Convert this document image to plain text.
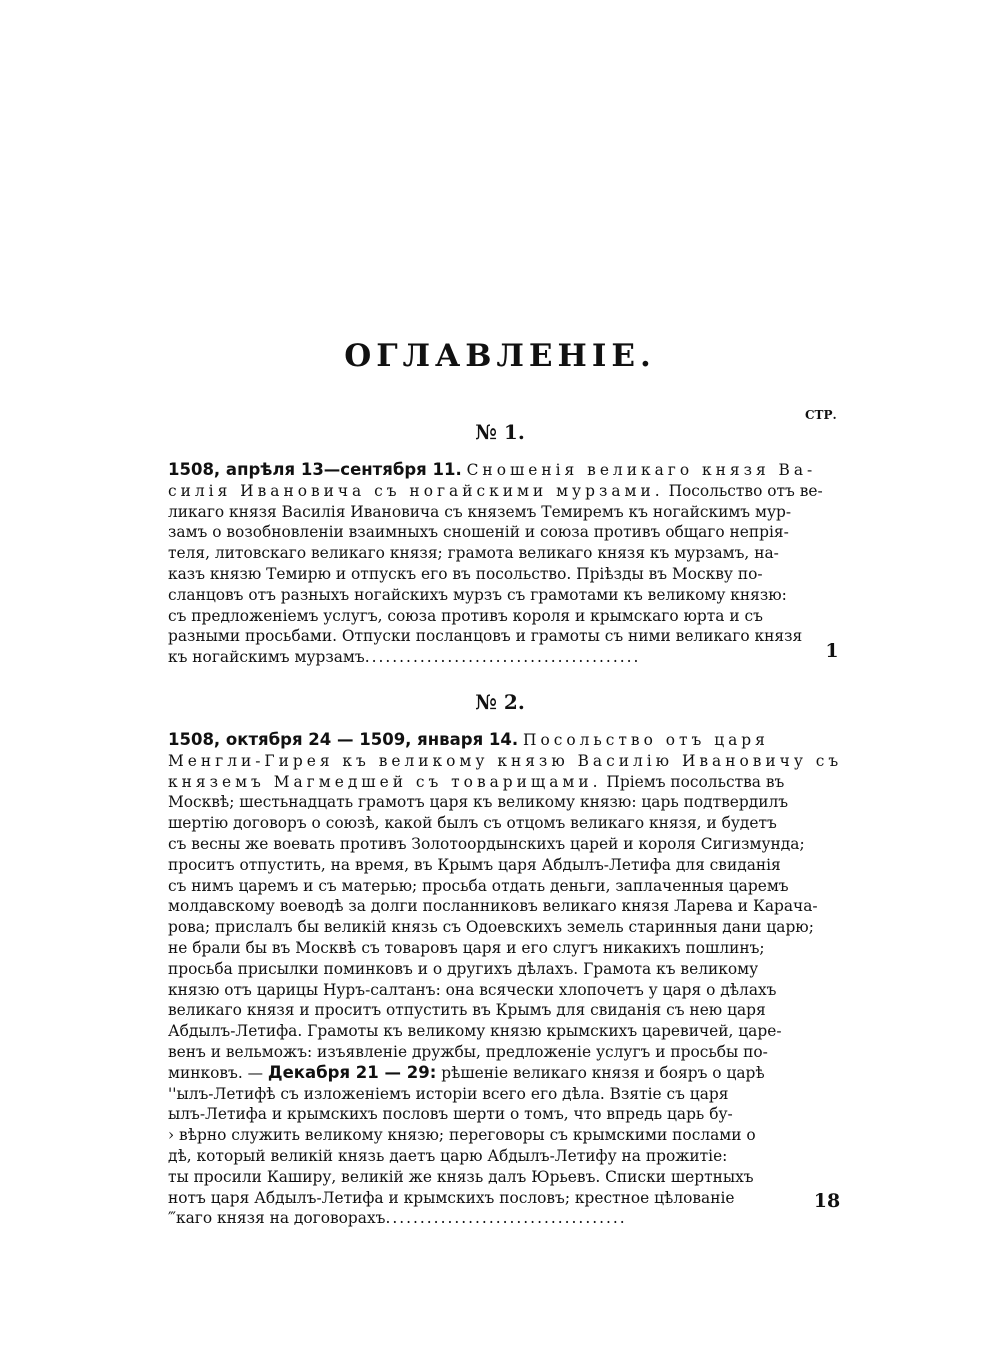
ОГЛАВЛЕНІЕ.
СТР.
№ 1.
1508, апрѣля 13—сентября 11. Сношенія великаго князя Ва-
силія Ивановича съ ногайскими мурзами. Посольство отъ ве-
ликаго князя Василія Ивановича съ княземъ Темиремъ къ ногайскимъ мур-
замъ о возобновленіи взаимныхъ сношеній и союза противъ общаго непрія-
теля, литовскаго великаго князя; грамота великаго князя къ мурзамъ, на-
казъ князю Темирю и отпускъ его въ посольство. Пріѣзды въ Москву по-
сланцовъ отъ разныхъ ногайскихъ мурзъ съ грамотами къ великому князю:
съ предложеніемъ услугъ, союза противъ короля и крымскаго юрта и съ
разными просьбами. Отпуски посланцовъ и грамоты съ ними великаго князя
къ ногайскимъ мурзамъ........................................	1
№ 2.
1508, октября 24 — 1509, января 14. Посольство отъ царя
Менгли-Гирея къ великому князю Василію Ивановичу съ
княземъ Магмедшей съ товарищами. Пріемъ посольства въ
Москвѣ; шестьнадцать грамотъ царя къ великому князю: царь подтвердилъ
шертію договоръ о союзѣ, какой былъ съ отцомъ великаго князя, и будетъ
съ весны же воевать противъ Золотоордынскихъ царей и короля Сигизмунда;
проситъ отпустить, на время, въ Крымъ царя Абдылъ-Летифа для свиданія
съ нимъ царемъ и съ матерью; просьба отдать деньги, заплаченныя царемъ
молдавскому воеводѣ за долги посланниковъ великаго князя Ларева и Карача-
рова; прислалъ бы великій князь съ Одоевскихъ земель старинныя дани царю;
не брали бы въ Москвѣ съ товаровъ царя и его слугъ никакихъ пошлинъ;
просьба присылки поминковъ и о другихъ дѣлахъ. Грамота къ великому
князю отъ царицы Нуръ-салтанъ: она всячески хлопочетъ у царя о дѣлахъ
великаго князя и проситъ отпустить въ Крымъ для свиданія съ нею царя
Абдылъ-Летифа. Грамоты къ великому князю крымскихъ царевичей, царе-
венъ и вельможъ: изъявленіе дружбы, предложеніе услугъ и просьбы по-
минковъ. — Декабря 21 — 29: рѣшеніе великаго князя и бояръ о царѣ
''ылъ-Летифѣ съ изложеніемъ исторіи всего его дѣла. Взятіе съ царя
ылъ-Летифа и крымскихъ пословъ шерти о томъ, что впредь царь бу-
› вѣрно служить великому князю; переговоры съ крымскими послами о
дѣ, который великій князь даетъ царю Абдылъ-Летифу на прожитіе:
ты просили Каширу, великій же князь далъ Юрьевъ. Списки шертныхъ
нотъ царя Абдылъ-Летифа и крымскихъ пословъ; крестное цѣлованіе
‴каго князя на договорахъ...................................
18
